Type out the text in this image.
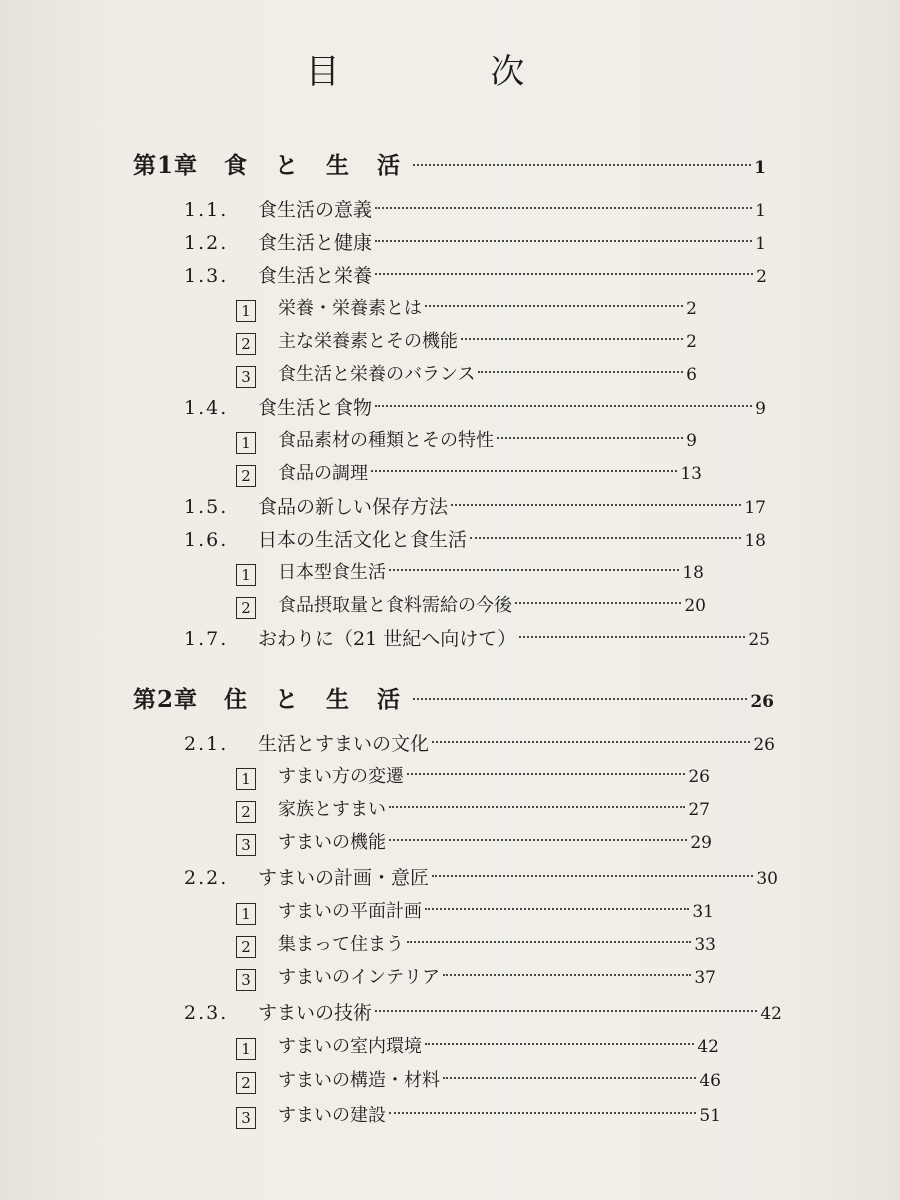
目 次
第1章 食 と 生 活	1
1.1.	食生活の意義	1
1.2.	食生活と健康	1
1.3.	食生活と栄養	2
1 栄養・栄養素とは	2
2 主な栄養素とその機能	2
3 食生活と栄養のバランス	6
1.4.	食生活と食物	9
1 食品素材の種類とその特性	9
2 食品の調理	13
1.5.	食品の新しい保存方法	17
1.6.	日本の生活文化と食生活	18
1 日本型食生活	18
2 食品摂取量と食料需給の今後	20
1.7.	おわりに（21 世紀へ向けて）	25
第2章 住 と 生 活	26
2.1.	生活とすまいの文化	26
1 すまい方の変遷	26
2 家族とすまい	27
3 すまいの機能	29
2.2.	すまいの計画・意匠	30
1 すまいの平面計画	31
2 集まって住まう	33
3 すまいのインテリア	37
2.3.	すまいの技術	42
1 すまいの室内環境	42
2 すまいの構造・材料	46
3 すまいの建設	51
